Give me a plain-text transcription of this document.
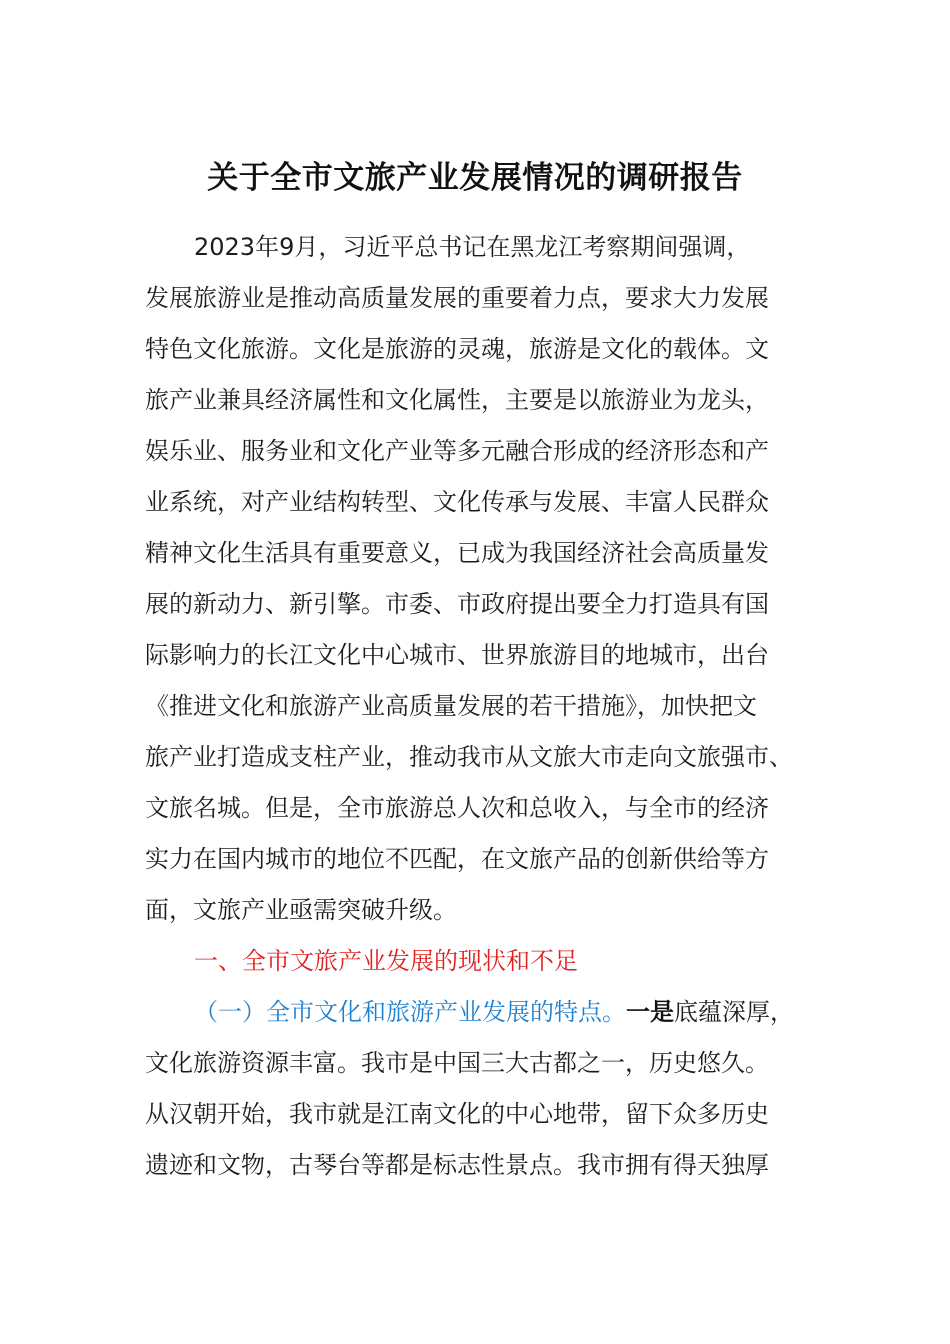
关于全市文旅产业发展情况的调研报告
2023年9月，习近平总书记在黑龙江考察期间强调，
发展旅游业是推动高质量发展的重要着力点，要求大力发展
特色文化旅游。文化是旅游的灵魂，旅游是文化的载体。文
旅产业兼具经济属性和文化属性，主要是以旅游业为龙头，
娱乐业、服务业和文化产业等多元融合形成的经济形态和产
业系统，对产业结构转型、文化传承与发展、丰富人民群众
精神文化生活具有重要意义，已成为我国经济社会高质量发
展的新动力、新引擎。市委、市政府提出要全力打造具有国
际影响力的长江文化中心城市、世界旅游目的地城市，出台
《推进文化和旅游产业高质量发展的若干措施》，加快把文
旅产业打造成支柱产业，推动我市从文旅大市走向文旅强市、
文旅名城。但是，全市旅游总人次和总收入，与全市的经济
实力在国内城市的地位不匹配，在文旅产品的创新供给等方
面，文旅产业亟需突破升级。
一、全市文旅产业发展的现状和不足
（一）全市文化和旅游产业发展的特点。一是底蕴深厚，
文化旅游资源丰富。我市是中国三大古都之一，历史悠久。
从汉朝开始，我市就是江南文化的中心地带，留下众多历史
遗迹和文物，古琴台等都是标志性景点。我市拥有得天独厚
